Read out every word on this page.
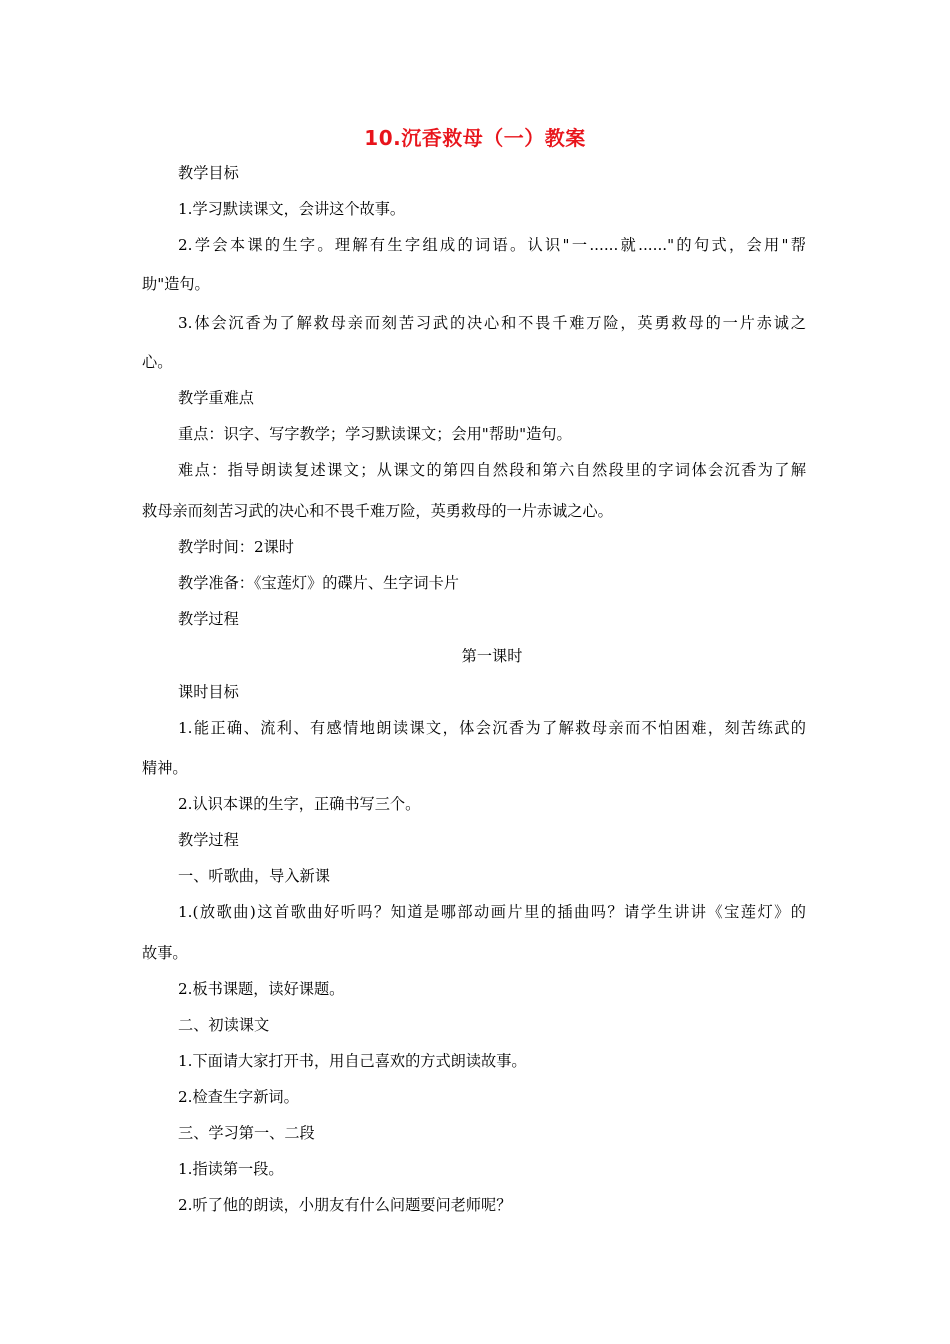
10.沉香救母（一）教案
教学目标
1.学习默读课文，会讲这个故事。
2.学会本课的生字。理解有生字组成的词语。认识"一......就......"的句式，会用"帮
助"造句。
3.体会沉香为了解救母亲而刻苦习武的决心和不畏千难万险，英勇救母的一片赤诚之
心。
教学重难点
重点：识字、写字教学；学习默读课文；会用"帮助"造句。
难点：指导朗读复述课文；从课文的第四自然段和第六自然段里的字词体会沉香为了解
救母亲而刻苦习武的决心和不畏千难万险，英勇救母的一片赤诚之心。
教学时间：2课时
教学准备：《宝莲灯》的碟片、生字词卡片
教学过程
第一课时
课时目标
1.能正确、流利、有感情地朗读课文，体会沉香为了解救母亲而不怕困难，刻苦练武的
精神。
2.认识本课的生字，正确书写三个。
教学过程
一、听歌曲，导入新课
1.(放歌曲)这首歌曲好听吗？知道是哪部动画片里的插曲吗？请学生讲讲《宝莲灯》的
故事。
2.板书课题，读好课题。
二、初读课文
1.下面请大家打开书，用自己喜欢的方式朗读故事。
2.检查生字新词。
三、学习第一、二段
1.指读第一段。
2.听了他的朗读，小朋友有什么问题要问老师呢？
